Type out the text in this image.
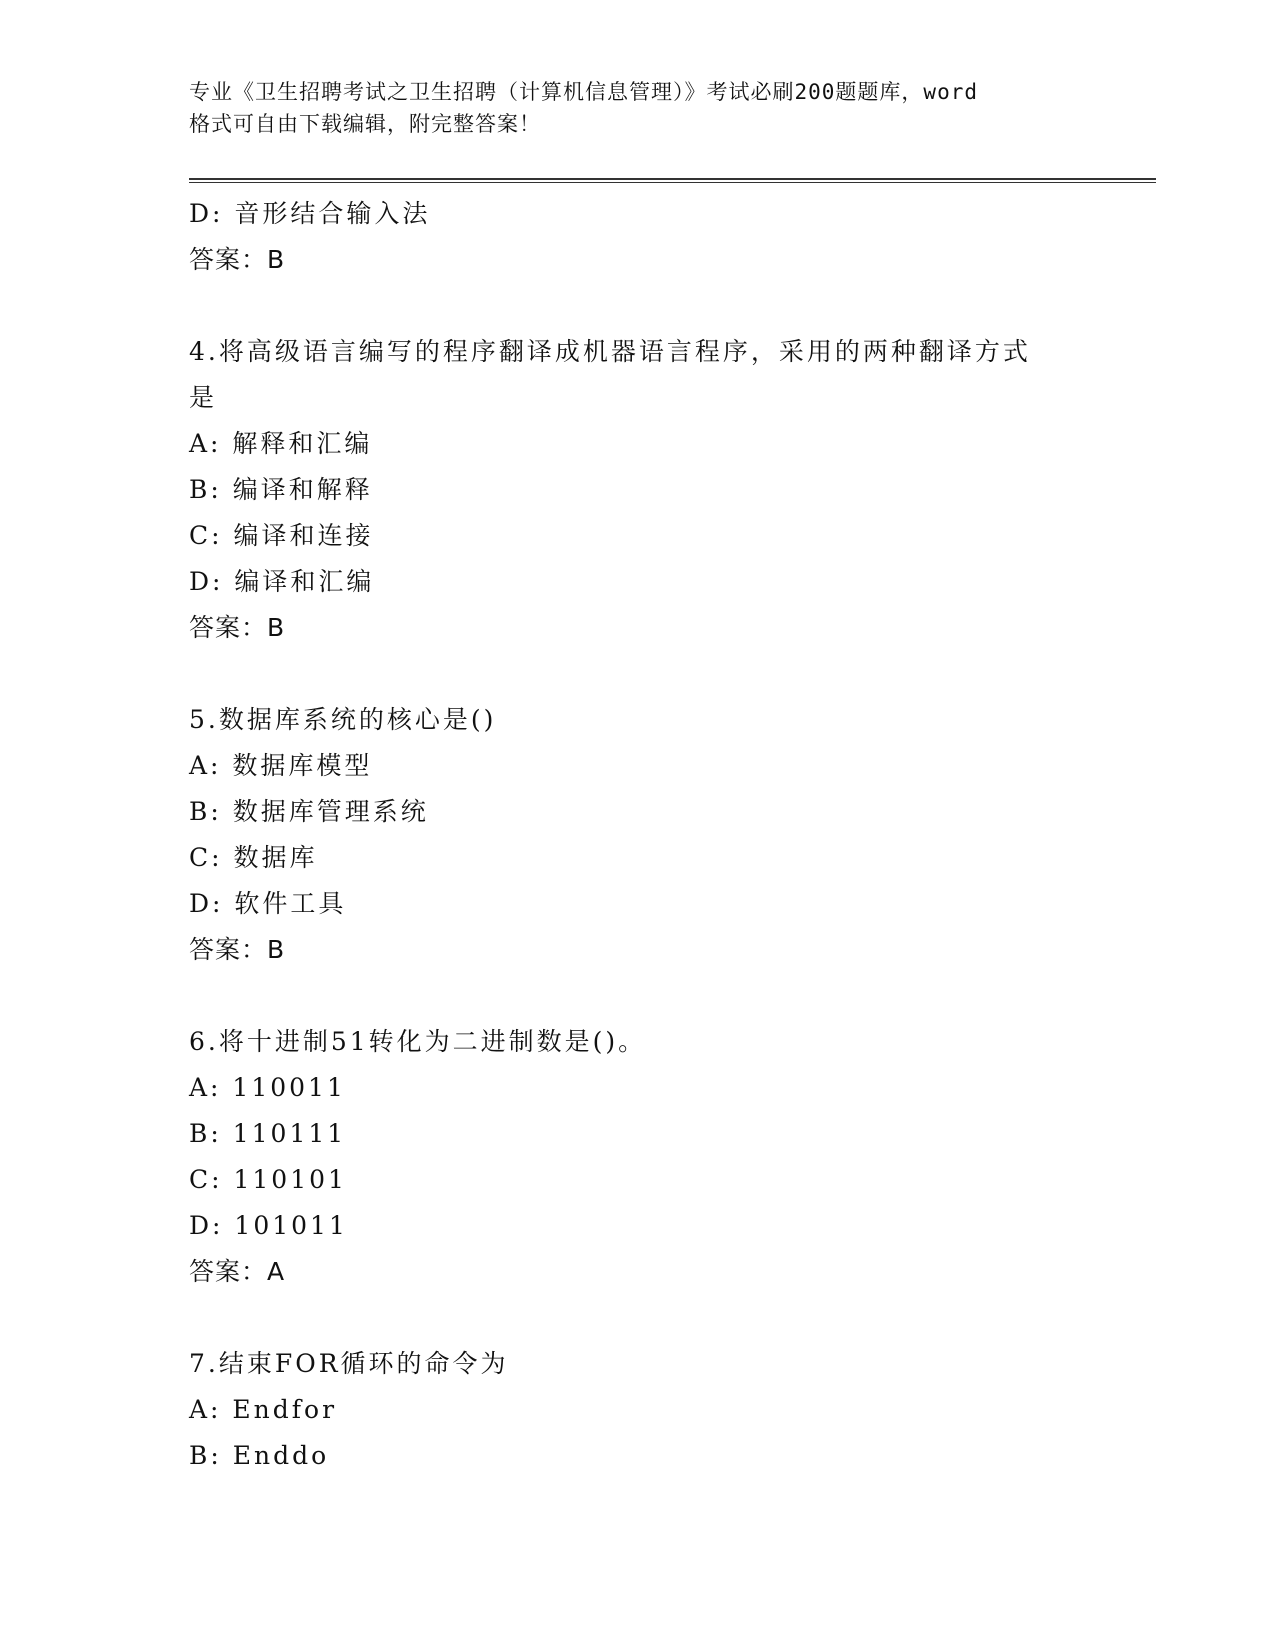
专业《卫生招聘考试之卫生招聘（计算机信息管理）》考试必刷200题题库，word
格式可自由下载编辑，附完整答案！
D: 音形结合输入法
答案：B
4.将高级语言编写的程序翻译成机器语言程序，采用的两种翻译方式
是
A: 解释和汇编
B: 编译和解释
C: 编译和连接
D: 编译和汇编
答案：B
5.数据库系统的核心是()
A: 数据库模型
B: 数据库管理系统
C: 数据库
D: 软件工具
答案：B
6.将十进制51转化为二进制数是()。
A: 110011
B: 110111
C: 110101
D: 101011
答案：A
7.结束FOR循环的命令为
A: Endfor
B: Enddo
